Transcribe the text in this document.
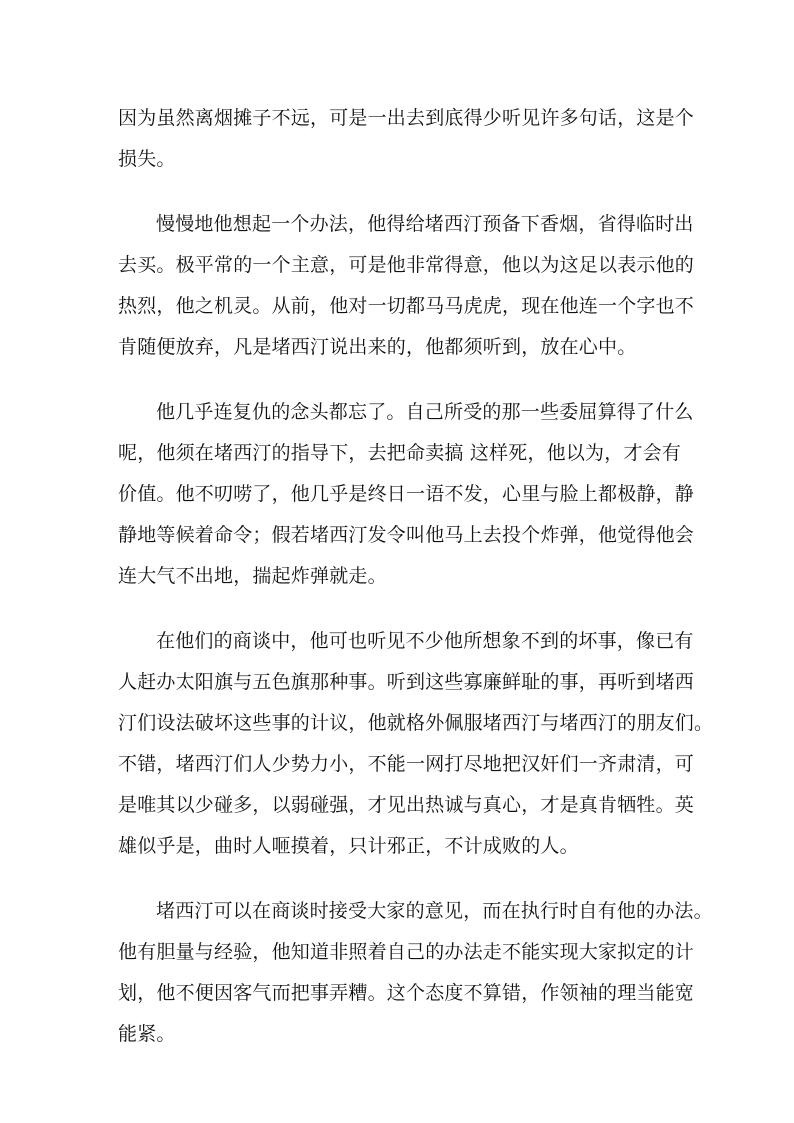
因为虽然离烟摊子不远，可是一出去到底得少听见许多句话，这是个
损失。

慢慢地他想起一个办法，他得给堵西汀预备下香烟，省得临时出
去买。极平常的一个主意，可是他非常得意，他以为这足以表示他的
热烈，他之机灵。从前，他对一切都马马虎虎，现在他连一个字也不
肯随便放弃，凡是堵西汀说出来的，他都须听到，放在心中。

他几乎连复仇的念头都忘了。自己所受的那一些委屈算得了什么
呢，他须在堵西汀的指导下，去把命卖搞 这样死，他以为，才会有
价值。他不叨唠了，他几乎是终日一语不发，心里与脸上都极静，静
静地等候着命令；假若堵西汀发令叫他马上去投个炸弹，他觉得他会
连大气不出地，揣起炸弹就走。

在他们的商谈中，他可也听见不少他所想象不到的坏事，像已有
人赶办太阳旗与五色旗那种事。听到这些寡廉鲜耻的事，再听到堵西
汀们设法破坏这些事的计议，他就格外佩服堵西汀与堵西汀的朋友们。
不错，堵西汀们人少势力小，不能一网打尽地把汉奸们一齐肃清，可
是唯其以少碰多，以弱碰强，才见出热诚与真心，才是真肯牺牲。英
雄似乎是，曲时人咂摸着，只计邪正，不计成败的人。

堵西汀可以在商谈时接受大家的意见，而在执行时自有他的办法。
他有胆量与经验，他知道非照着自己的办法走不能实现大家拟定的计
划，他不便因客气而把事弄糟。这个态度不算错，作领袖的理当能宽
能紧。
